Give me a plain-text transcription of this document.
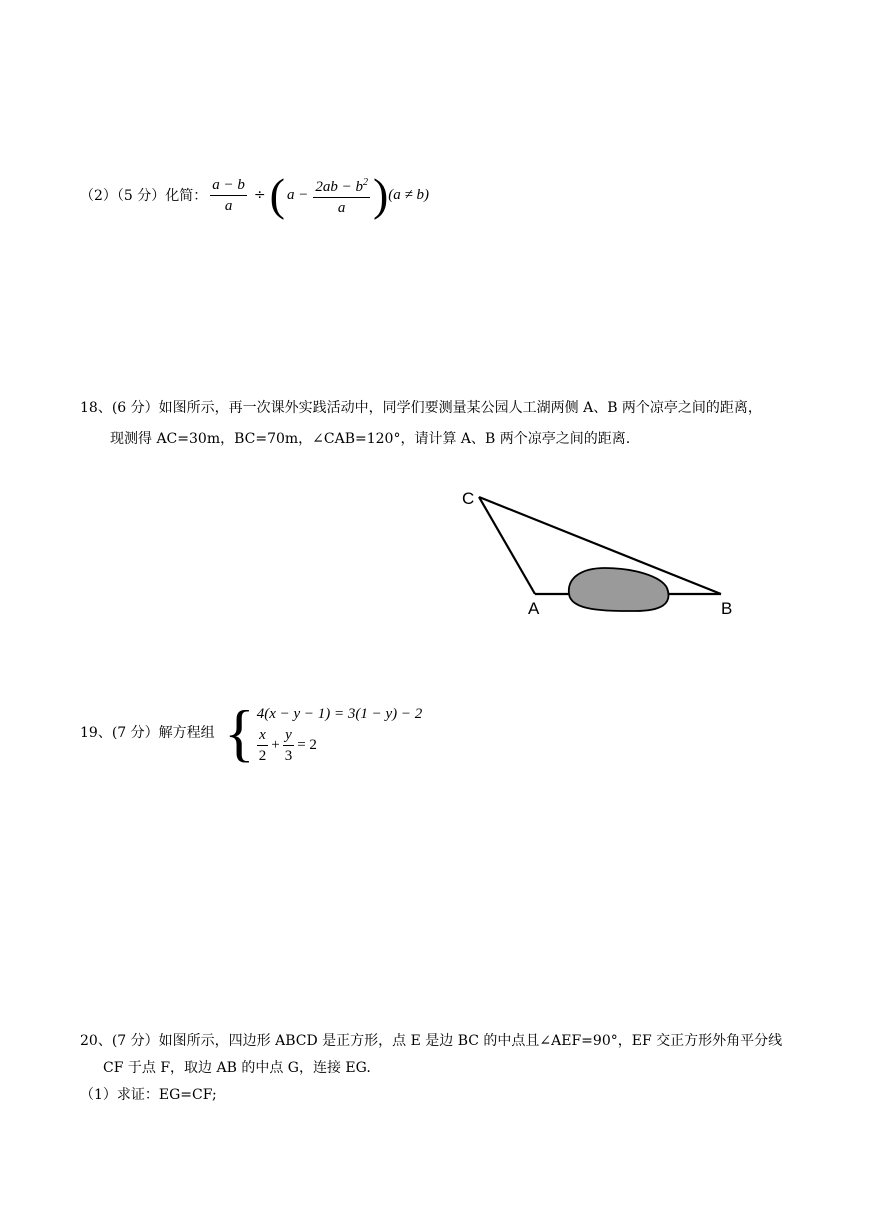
（2）（5 分）化简： $\frac{a - b}{a}$ ÷ ( $a - \frac{2ab - b^2}{a}$ ) (a ≠ b)
18、(6 分）如图所示，再一次课外实践活动中，同学们要测量某公园人工湖两侧 A、B 两个凉亭之间的距离，
现测得 AC=30m，BC=70m，∠CAB=120°，请计算 A、B 两个凉亭之间的距离.
C
A	B
19、(7 分）解方程组 { 4(x − y − 1) = 3(1 − y) − 2
$\frac{x}{2} + \frac{y}{3} = 2$
20、(7 分）如图所示，四边形 ABCD 是正方形，点 E 是边 BC 的中点且∠AEF=90°，EF 交正方形外角平分线
CF 于点 F，取边 AB 的中点 G，连接 EG.
（1）求证：EG=CF;
